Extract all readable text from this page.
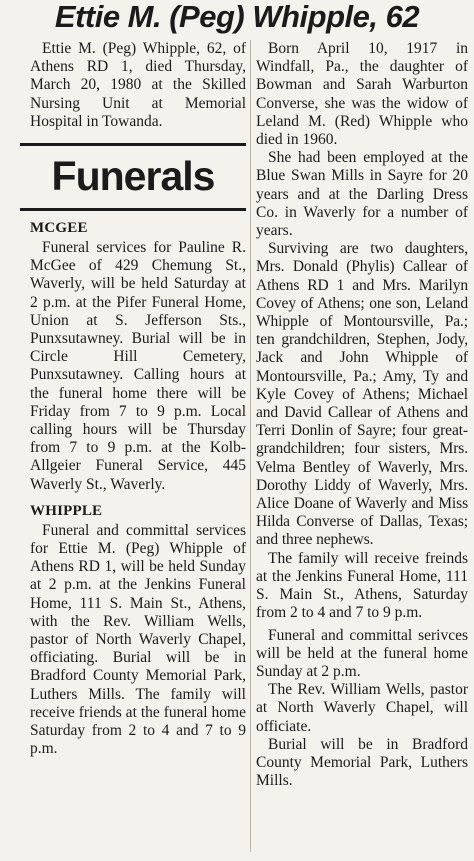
Ettie M. (Peg) Whipple, 62

Ettie M. (Peg) Whipple, 62, of Athens RD 1, died Thursday, March 20, 1980 at the Skilled Nursing Unit at Memorial Hospital in Towanda.

Funerals
MCGEE

Funeral services for Pauline R. McGee of 429 Chemung St., Waverly, will be held Saturday at 2 p.m. at the Pifer Funeral Home, Union at S. Jefferson Sts., Punxsutawney. Burial will be in Circle Hill Cemetery, Punxsutawney. Calling hours at the funeral home there will be Friday from 7 to 9 p.m. Local calling hours will be Thursday from 7 to 9 p.m. at the Kolb-Allgeier Funeral Service, 445 Waverly St., Waverly.

WHIPPLE

Funeral and committal services for Ettie M. (Peg) Whipple of Athens RD 1, will be held Sunday at 2 p.m. at the Jenkins Funeral Home, 111 S. Main St., Athens, with the Rev. William Wells, pastor of North Waverly Chapel, officiating. Burial will be in Bradford County Memorial Park, Luthers Mills. The family will receive friends at the funeral home Saturday from 2 to 4 and 7 to 9 p.m.

Born April 10, 1917 in Windfall, Pa., the daughter of Bowman and Sarah Warburton Converse, she was the widow of Leland M. (Red) Whipple who died in 1960.

She had been employed at the Blue Swan Mills in Sayre for 20 years and at the Darling Dress Co. in Waverly for a number of years.

Surviving are two daughters, Mrs. Donald (Phylis) Callear of Athens RD 1 and Mrs. Marilyn Covey of Athens; one son, Leland Whipple of Montoursville, Pa.; ten grandchildren, Stephen, Jody, Jack and John Whipple of Montoursville, Pa.; Amy, Ty and Kyle Covey of Athens; Michael and David Callear of Athens and Terri Donlin of Sayre; four great-grandchildren; four sisters, Mrs. Velma Bentley of Waverly, Mrs. Dorothy Liddy of Waverly, Mrs. Alice Doane of Waverly and Miss Hilda Converse of Dallas, Texas; and three nephews.

The family will receive freinds at the Jenkins Funeral Home, 111 S. Main St., Athens, Saturday from 2 to 4 and 7 to 9 p.m.

Funeral and committal serivces will be held at the funeral home Sunday at 2 p.m.

The Rev. William Wells, pastor at North Waverly Chapel, will officiate.

Burial will be in Bradford County Memorial Park, Luthers Mills.
